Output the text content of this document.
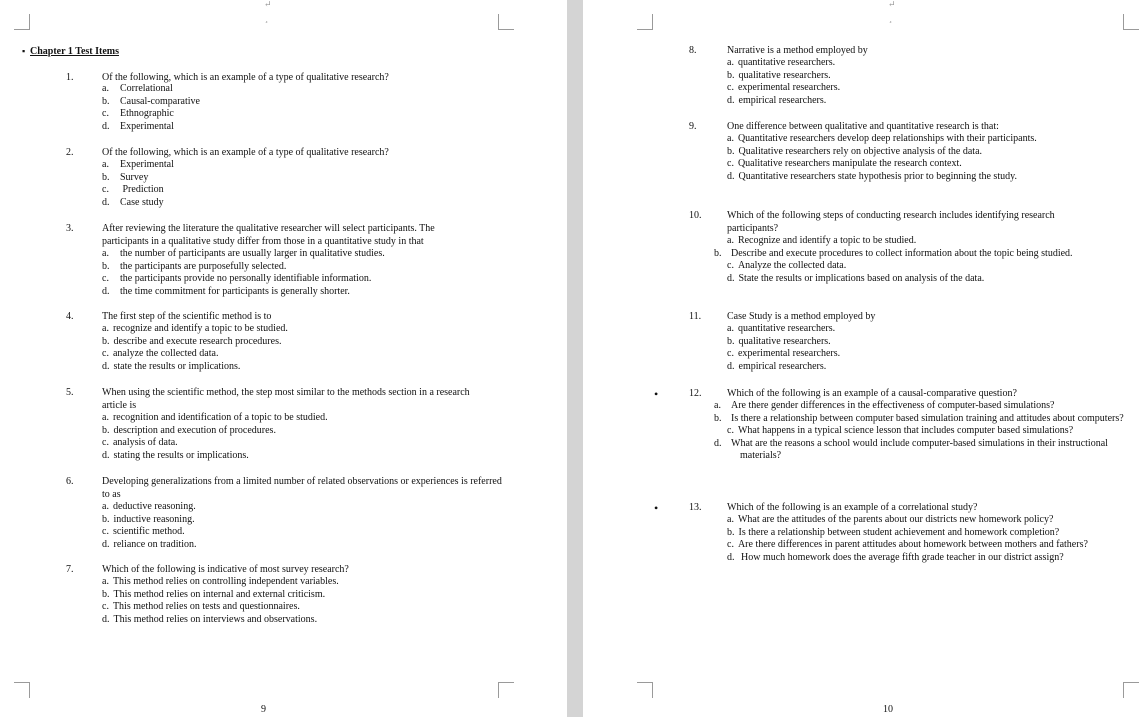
↵
¸
▪ Chapter 1 Test Items
1.	Of the following, which is an example of a type of qualitative research?
a. Correlational
b. Causal-comparative
c. Ethnographic
d. Experimental
2.	Of the following, which is an example of a type of qualitative research?
a. Experimental
b. Survey
c. Prediction
d. Case study
3.	After reviewing the literature the qualitative researcher will select participants. The participants in a qualitative study differ from those in a quantitative study in that
a. the number of participants are usually larger in qualitative studies.
b. the participants are purposefully selected.
c. the participants provide no personally identifiable information.
d. the time commitment for participants is generally shorter.
4.	The first step of the scientific method is to
a. recognize and identify a topic to be studied.
b. describe and execute research procedures.
c. analyze the collected data.
d. state the results or implications.
5.	When using the scientific method, the step most similar to the methods section in a research article is
a. recognition and identification of a topic to be studied.
b. description and execution of procedures.
c. analysis of data.
d. stating the results or implications.
6.	Developing generalizations from a limited number of related observations or experiences is referred to as
a. deductive reasoning.
b. inductive reasoning.
c. scientific method.
d. reliance on tradition.
7.	Which of the following is indicative of most survey research?
a. This method relies on controlling independent variables.
b. This method relies on internal and external criticism.
c. This method relies on tests and questionnaires.
d. This method relies on interviews and observations.
9
↵
¸
8.	Narrative is a method employed by
a. quantitative researchers.
b. qualitative researchers.
c. experimental researchers.
d. empirical researchers.
9.	One difference between qualitative and quantitative research is that:
a. Quantitative researchers develop deep relationships with their participants.
b. Qualitative researchers rely on objective analysis of the data.
c. Qualitative researchers manipulate the research context.
d. Quantitative researchers state hypothesis prior to beginning the study.
10.	Which of the following steps of conducting research includes identifying research participants?
a. Recognize and identify a topic to be studied.
b. Describe and execute procedures to collect information about the topic being studied.
c. Analyze the collected data.
d. State the results or implications based on analysis of the data.
11.	Case Study is a method employed by
a. quantitative researchers.
b. qualitative researchers.
c. experimental researchers.
d. empirical researchers.
•	12.	Which of the following is an example of a causal-comparative question?
a. Are there gender differences in the effectiveness of computer-based simulations?
b. Is there a relationship between computer based simulation training and attitudes about computers?
c. What happens in a typical science lesson that includes computer based simulations?
d. What are the reasons a school would include computer-based simulations in their instructional materials?
•	13.	Which of the following is an example of a correlational study?
a. What are the attitudes of the parents about our districts new homework policy?
b. Is there a relationship between student achievement and homework completion?
c. Are there differences in parent attitudes about homework between mothers and fathers?
d. How much homework does the average fifth grade teacher in our district assign?
10
